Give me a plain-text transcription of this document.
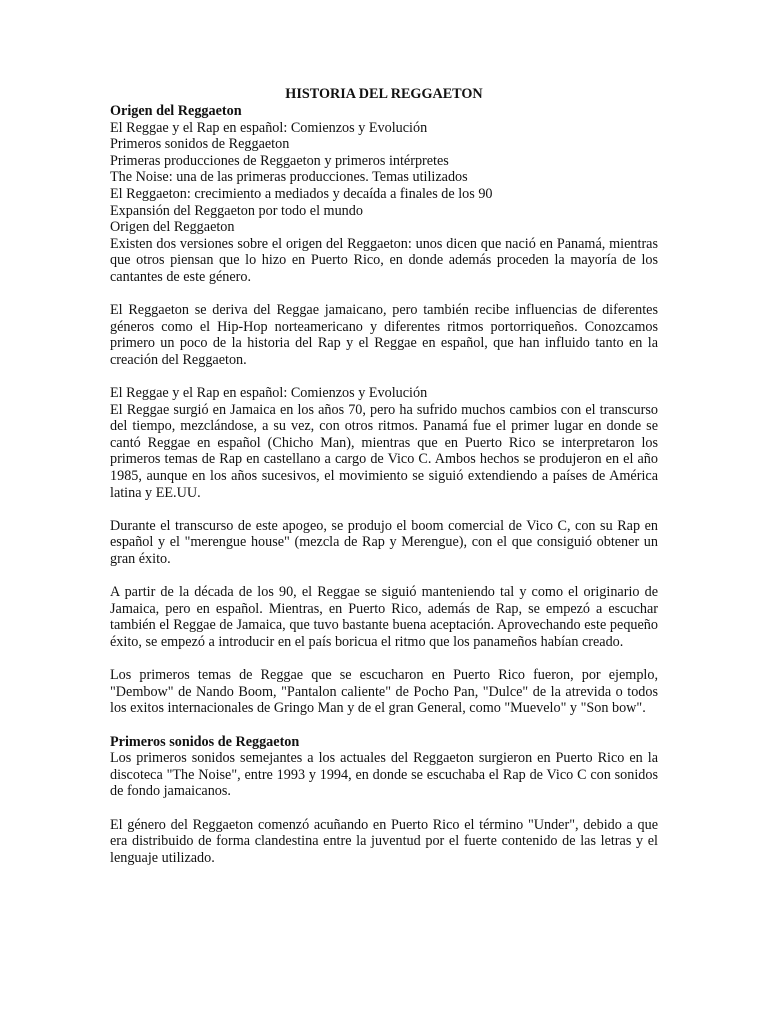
HISTORIA DEL REGGAETON

Origen del Reggaeton

El Reggae y el Rap en español: Comienzos y Evolución

Primeros sonidos de Reggaeton

Primeras producciones de Reggaeton y primeros intérpretes

The Noise: una de las primeras producciones. Temas utilizados

El Reggaeton: crecimiento a mediados y decaída a finales de los 90

Expansión del Reggaeton por todo el mundo

Origen del Reggaeton

Existen dos versiones sobre el origen del Reggaeton: unos dicen que nació en Panamá, mientras que otros piensan que lo hizo en Puerto Rico, en donde además proceden la mayoría de los cantantes de este género.

El Reggaeton se deriva del Reggae jamaicano, pero también recibe influencias de diferentes géneros como el Hip-Hop norteamericano y diferentes ritmos portorriqueños. Conozcamos primero un poco de la historia del Rap y el Reggae en español, que han influido tanto en la creación del Reggaeton.

El Reggae y el Rap en español: Comienzos y Evolución

El Reggae surgió en Jamaica en los años 70, pero ha sufrido muchos cambios con el transcurso del tiempo, mezclándose, a su vez, con otros ritmos. Panamá fue el primer lugar en donde se cantó Reggae en español (Chicho Man), mientras que en Puerto Rico se interpretaron los primeros temas de Rap en castellano a cargo de Vico C. Ambos hechos se produjeron en el año 1985, aunque en los años sucesivos, el movimiento se siguió extendiendo a países de América latina y EE.UU.

Durante el transcurso de este apogeo, se produjo el boom comercial de Vico C, con su Rap en español y el "merengue house" (mezcla de Rap y Merengue), con el que consiguió obtener un gran éxito.

A partir de la década de los 90, el Reggae se siguió manteniendo tal y como el originario de Jamaica, pero en español. Mientras, en Puerto Rico, además de Rap, se empezó a escuchar también el Reggae de Jamaica, que tuvo bastante buena aceptación. Aprovechando este pequeño éxito, se empezó a introducir en el país boricua el ritmo que los panameños habían creado.

Los primeros temas de Reggae que se escucharon en Puerto Rico fueron, por ejemplo, "Dembow" de Nando Boom, "Pantalon caliente" de Pocho Pan, "Dulce" de la atrevida o todos los exitos internacionales de Gringo Man y de el gran General, como "Muevelo" y "Son bow".

Primeros sonidos de Reggaeton

Los primeros sonidos semejantes a los actuales del Reggaeton surgieron en Puerto Rico en la discoteca "The Noise", entre 1993 y 1994, en donde se escuchaba el Rap de Vico C con sonidos de fondo jamaicanos.

El género del Reggaeton comenzó acuñando en Puerto Rico el término "Under", debido a que era distribuido de forma clandestina entre la juventud por el fuerte contenido de las letras y el lenguaje utilizado.
